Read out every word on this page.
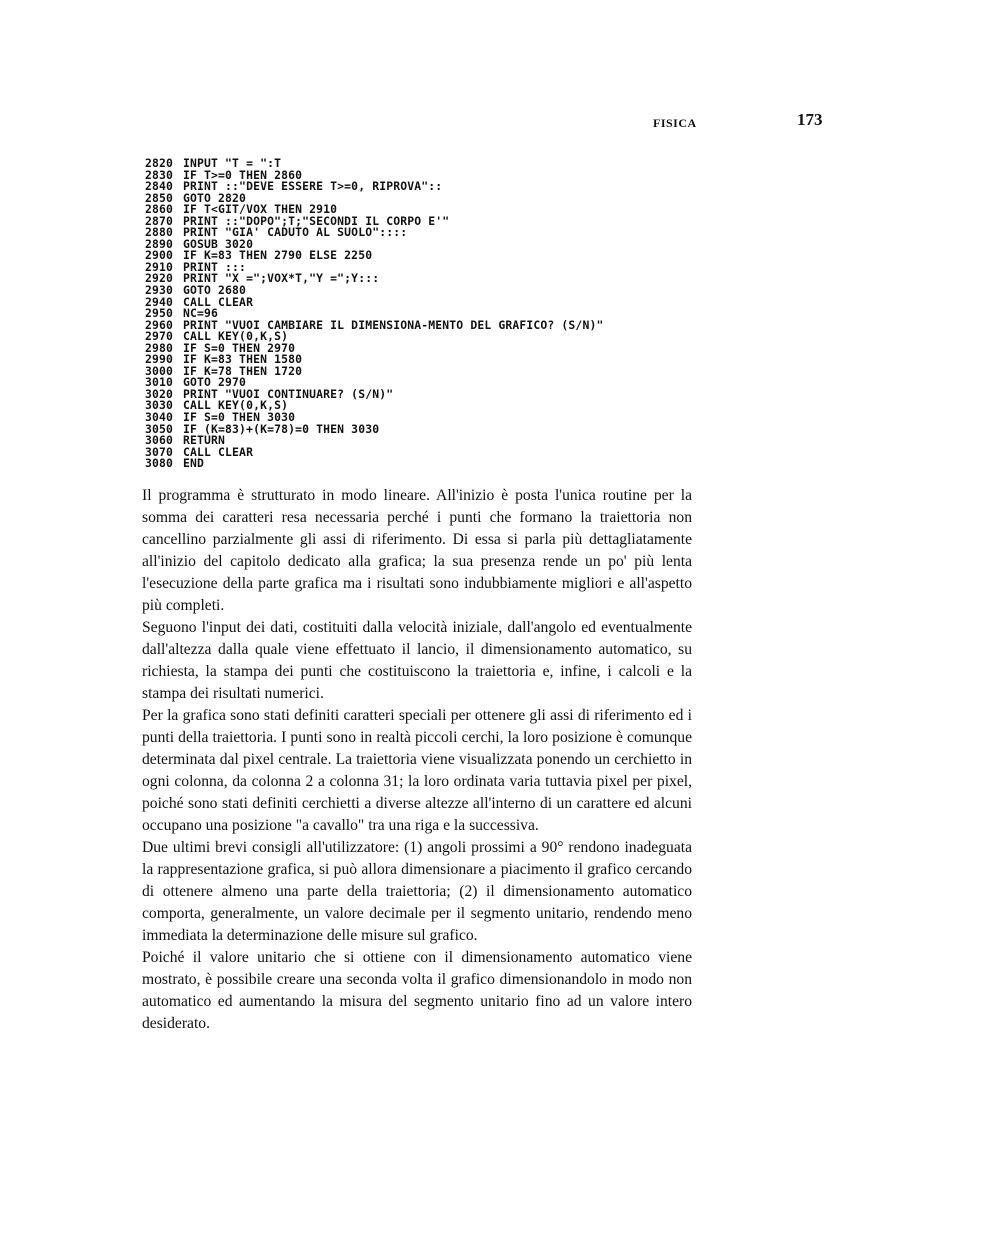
FISICA	173
2820 INPUT "T = ":T
2830 IF T>=0 THEN 2860
2840 PRINT ::"DEVE ESSERE T>=0, RIPROVA"::
2850 GOTO 2820
2860 IF T<GIT/VOX THEN 2910
2870 PRINT ::"DOPO";T;"SECONDI IL CORPO E'"
2880 PRINT "GIA' CADUTO AL SUOLO"::::
2890 GOSUB 3020
2900 IF K=83 THEN 2790 ELSE 2250
2910 PRINT :::
2920 PRINT "X =";VOX*T,"Y =";Y:::
2930 GOTO 2680
2940 CALL CLEAR
2950 NC=96
2960 PRINT "VUOI CAMBIARE IL DIMENSIONA-MENTO DEL GRAFICO? (S/N)"
2970 CALL KEY(0,K,S)
2980 IF S=0 THEN 2970
2990 IF K=83 THEN 1580
3000 IF K=78 THEN 1720
3010 GOTO 2970
3020 PRINT "VUOI CONTINUARE? (S/N)"
3030 CALL KEY(0,K,S)
3040 IF S=0 THEN 3030
3050 IF (K=83)+(K=78)=0 THEN 3030
3060 RETURN
3070 CALL CLEAR
3080 END

Il programma è strutturato in modo lineare. All'inizio è posta l'unica routine per la somma dei caratteri resa necessaria perché i punti che formano la traiettoria non cancellino parzialmente gli assi di riferimento. Di essa si parla più dettagliatamente all'inizio del capitolo dedicato alla grafica; la sua presenza rende un po' più lenta l'esecuzione della parte grafica ma i risultati sono indubbiamente migliori e all'aspetto più completi.

Seguono l'input dei dati, costituiti dalla velocità iniziale, dall'angolo ed eventualmente dall'altezza dalla quale viene effettuato il lancio, il dimensionamento automatico, su richiesta, la stampa dei punti che costituiscono la traiettoria e, infine, i calcoli e la stampa dei risultati numerici.

Per la grafica sono stati definiti caratteri speciali per ottenere gli assi di riferimento ed i punti della traiettoria. I punti sono in realtà piccoli cerchi, la loro posizione è comunque determinata dal pixel centrale. La traiettoria viene visualizzata ponendo un cerchietto in ogni colonna, da colonna 2 a colonna 31; la loro ordinata varia tuttavia pixel per pixel, poiché sono stati definiti cerchietti a diverse altezze all'interno di un carattere ed alcuni occupano una posizione "a cavallo" tra una riga e la successiva.

Due ultimi brevi consigli all'utilizzatore: (1) angoli prossimi a 90° rendono inadeguata la rappresentazione grafica, si può allora dimensionare a piacimento il grafico cercando di ottenere almeno una parte della traiettoria; (2) il dimensionamento automatico comporta, generalmente, un valore decimale per il segmento unitario, rendendo meno immediata la determinazione delle misure sul grafico.

Poiché il valore unitario che si ottiene con il dimensionamento automatico viene mostrato, è possibile creare una seconda volta il grafico dimensionandolo in modo non automatico ed aumentando la misura del segmento unitario fino ad un valore intero desiderato.
